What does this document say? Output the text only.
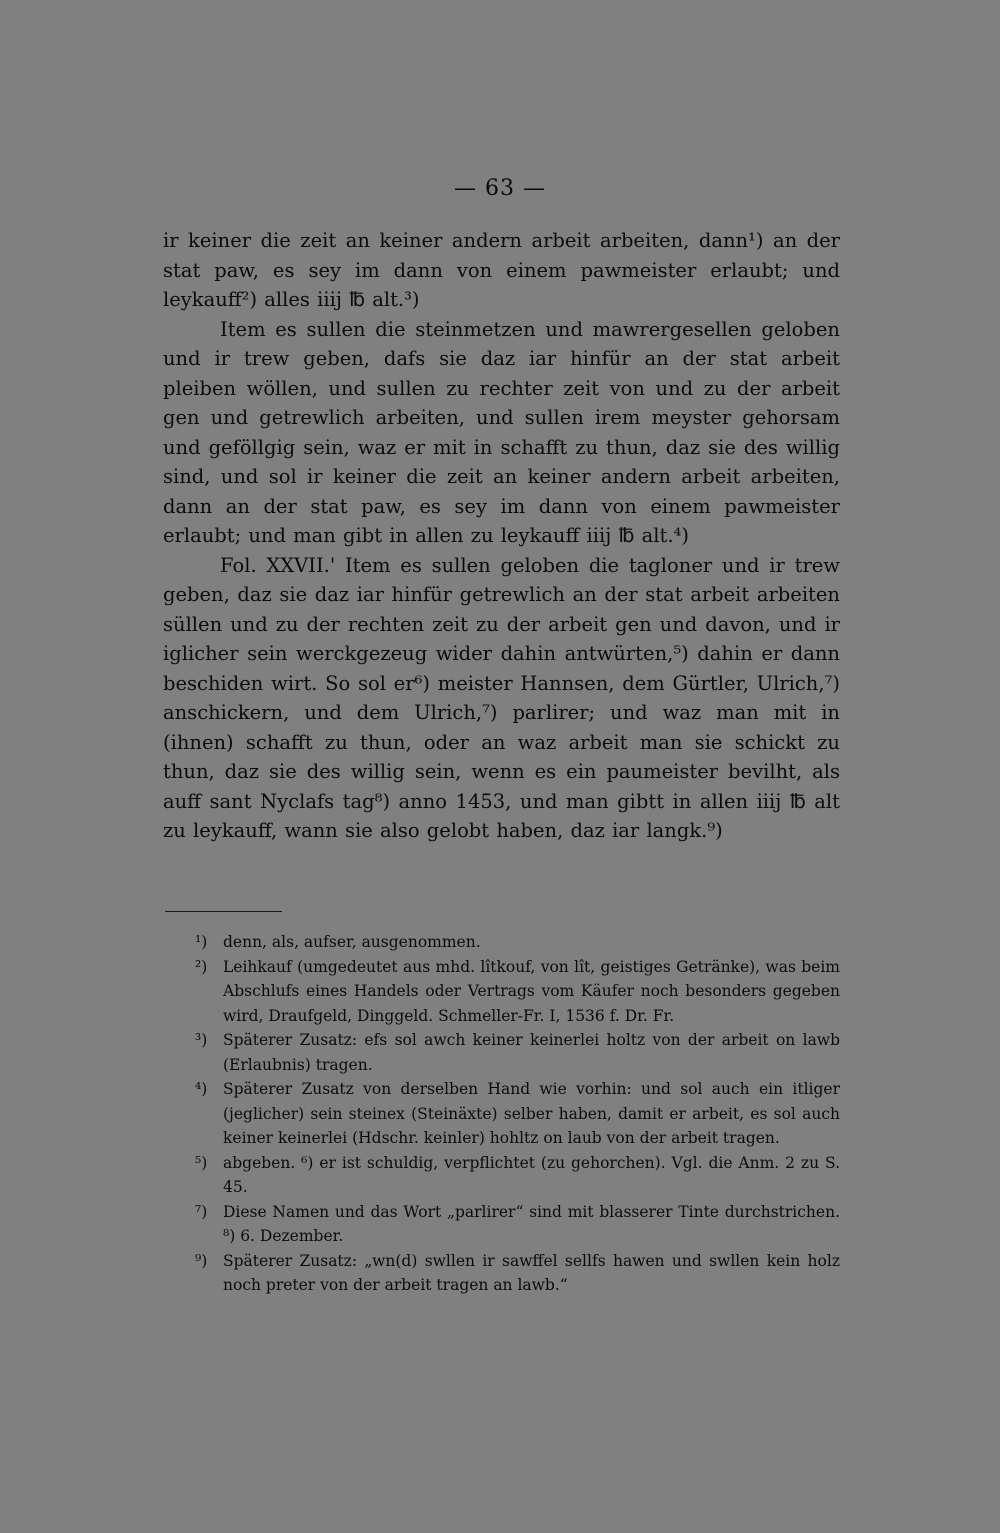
— 63 —

ir keiner die zeit an keiner andern arbeit arbeiten, dann¹) an der stat paw, es sey im dann von einem pawmeister erlaubt; und leykauff²) alles iiij ℔ alt.³)

Item es sullen die steinmetzen und mawrergesellen geloben und ir trew geben, dafs sie daz iar hinfür an der stat arbeit pleiben wöllen, und sullen zu rechter zeit von und zu der arbeit gen und getrewlich arbeiten, und sullen irem meyster gehorsam und geföllgig sein, waz er mit in schafft zu thun, daz sie des willig sind, und sol ir keiner die zeit an keiner andern arbeit arbeiten, dann an der stat paw, es sey im dann von einem pawmeister erlaubt; und man gibt in allen zu leykauff iiij ℔ alt.⁴)

Fol. XXVII.' Item es sullen geloben die tagloner und ir trew geben, daz sie daz iar hinfür getrewlich an der stat arbeit arbeiten süllen und zu der rechten zeit zu der arbeit gen und davon, und ir iglicher sein werckgezeug wider dahin antwürten,⁵) dahin er dann beschiden wirt. So sol er⁶) meister Hannsen, dem Gürtler, Ulrich,⁷) anschickern, und dem Ulrich,⁷) parlirer; und waz man mit in (ihnen) schafft zu thun, oder an waz arbeit man sie schickt zu thun, daz sie des willig sein, wenn es ein paumeister bevilht, als auff sant Nyclafs tag⁸) anno 1453, und man gibtt in allen iiij ℔ alt zu leykauff, wann sie also gelobt haben, daz iar langk.⁹)

¹) denn, als, aufser, ausgenommen.
²) Leihkauf (umgedeutet aus mhd. lîtkouf, von lît, geistiges Getränke), was beim Abschlufs eines Handels oder Vertrags vom Käufer noch besonders gegeben wird, Draufgeld, Dinggeld. Schmeller-Fr. I, 1536 f. Dr. Fr.
³) Späterer Zusatz: efs sol awch keiner keinerlei holtz von der arbeit on lawb (Erlaubnis) tragen.
⁴) Späterer Zusatz von derselben Hand wie vorhin: und sol auch ein itliger (jeglicher) sein steinex (Steinäxte) selber haben, damit er arbeit, es sol auch keiner keinerlei (Hdschr. keinler) hohltz on laub von der arbeit tragen.
⁵) abgeben. ⁶) er ist schuldig, verpflichtet (zu gehorchen). Vgl. die Anm. 2 zu S. 45.
⁷) Diese Namen und das Wort „parlirer“ sind mit blasserer Tinte durchstrichen. ⁸) 6. Dezember.
⁹) Späterer Zusatz: „wn(d) swllen ir sawffel sellfs hawen und swllen kein holz noch preter von der arbeit tragen an lawb.“
